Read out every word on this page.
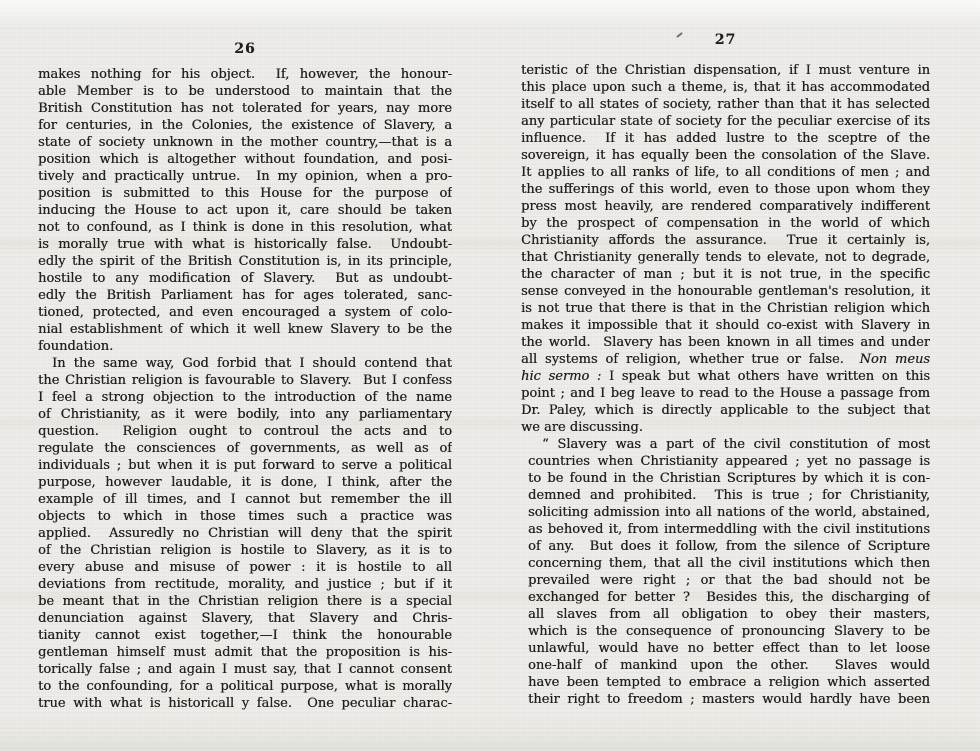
26
makes nothing for his object.  If, however, the honour-
able Member is to be understood to maintain that the
British Constitution has not tolerated for years, nay more
for centuries, in the Colonies, the existence of Slavery, a
state of society unknown in the mother country,—that is a
position which is altogether without foundation, and posi-
tively and practically untrue.  In my opinion, when a pro-
position is submitted to this House for the purpose of
inducing the House to act upon it, care should be taken
not to confound, as I think is done in this resolution, what
is morally true with what is historically false.  Undoubt-
edly the spirit of the British Constitution is, in its principle,
hostile to any modification of Slavery.  But as undoubt-
edly the British Parliament has for ages tolerated, sanc-
tioned, protected, and even encouraged a system of colo-
nial establishment of which it well knew Slavery to be the
foundation.
In the same way, God forbid that I should contend that
the Christian religion is favourable to Slavery.  But I confess
I feel a strong objection to the introduction of the name
of Christianity, as it were bodily, into any parliamentary
question.  Religion ought to controul the acts and to
regulate the consciences of governments, as well as of
individuals ; but when it is put forward to serve a political
purpose, however laudable, it is done, I think, after the
example of ill times, and I cannot but remember the ill
objects to which in those times such a practice was
applied.  Assuredly no Christian will deny that the spirit
of the Christian religion is hostile to Slavery, as it is to
every abuse and misuse of power : it is hostile to all
deviations from rectitude, morality, and justice ; but if it
be meant that in the Christian religion there is a special
denunciation against Slavery, that Slavery and Chris-
tianity cannot exist together,—I think the honourable
gentleman himself must admit that the proposition is his-
torically false ; and again I must say, that I cannot consent
to the confounding, for a political purpose, what is morally
true with what is historicall y false.  One peculiar charac-
27
teristic of the Christian dispensation, if I must venture in
this place upon such a theme, is, that it has accommodated
itself to all states of society, rather than that it has selected
any particular state of society for the peculiar exercise of its
influence.  If it has added lustre to the sceptre of the
sovereign, it has equally been the consolation of the Slave.
It applies to all ranks of life, to all conditions of men ; and
the sufferings of this world, even to those upon whom they
press most heavily, are rendered comparatively indifferent
by the prospect of compensation in the world of which
Christianity affords the assurance.  True it certainly is,
that Christianity generally tends to elevate, not to degrade,
the character of man ; but it is not true, in the specific
sense conveyed in the honourable gentleman's resolution, it
is not true that there is that in the Christian religion which
makes it impossible that it should co-exist with Slavery in
the world.  Slavery has been known in all times and under
all systems of religion, whether true or false.  Non meus
hic sermo : I speak but what others have written on this
point ; and I beg leave to read to the House a passage from
Dr. Paley, which is directly applicable to the subject that
we are discussing.
“ Slavery was a part of the civil constitution of most
countries when Christianity appeared ; yet no passage is
to be found in the Christian Scriptures by which it is con-
demned and prohibited.  This is true ; for Christianity,
soliciting admission into all nations of the world, abstained,
as behoved it, from intermeddling with the civil institutions
of any.  But does it follow, from the silence of Scripture
concerning them, that all the civil institutions which then
prevailed were right ; or that the bad should not be
exchanged for better ?  Besides this, the discharging of
all slaves from all obligation to obey their masters,
which is the consequence of pronouncing Slavery to be
unlawful, would have no better effect than to let loose
one-half of mankind upon the other.  Slaves would
have been tempted to embrace a religion which asserted
their right to freedom ; masters would hardly have been
